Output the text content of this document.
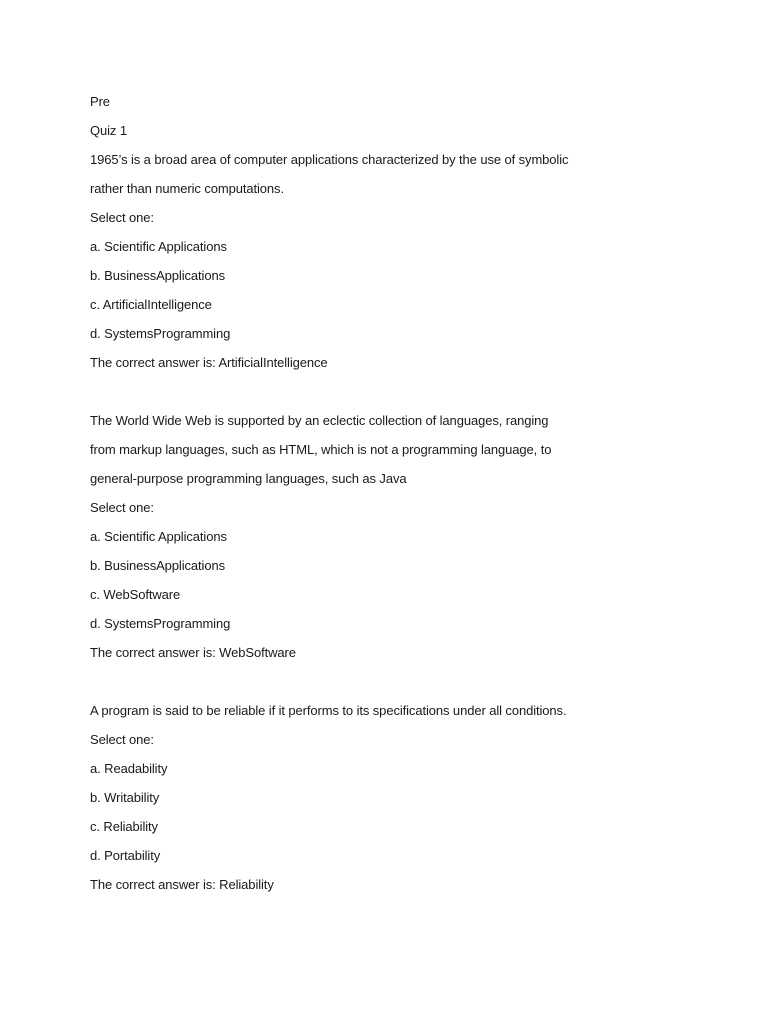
Pre
Quiz 1
1965’s is a broad area of computer applications characterized by the use of symbolic
rather than numeric computations.
Select one:
a. Scientific Applications
b. BusinessApplications
c. ArtificialIntelligence
d. SystemsProgramming
The correct answer is: ArtificialIntelligence
The World Wide Web is supported by an eclectic collection of languages, ranging
from markup languages, such as HTML, which is not a programming language, to
general-purpose programming languages, such as Java
Select one:
a. Scientific Applications
b. BusinessApplications
c. WebSoftware
d. SystemsProgramming
The correct answer is: WebSoftware
A program is said to be reliable if it performs to its specifications under all conditions.
Select one:
a. Readability
b. Writability
c. Reliability
d. Portability
The correct answer is: Reliability
